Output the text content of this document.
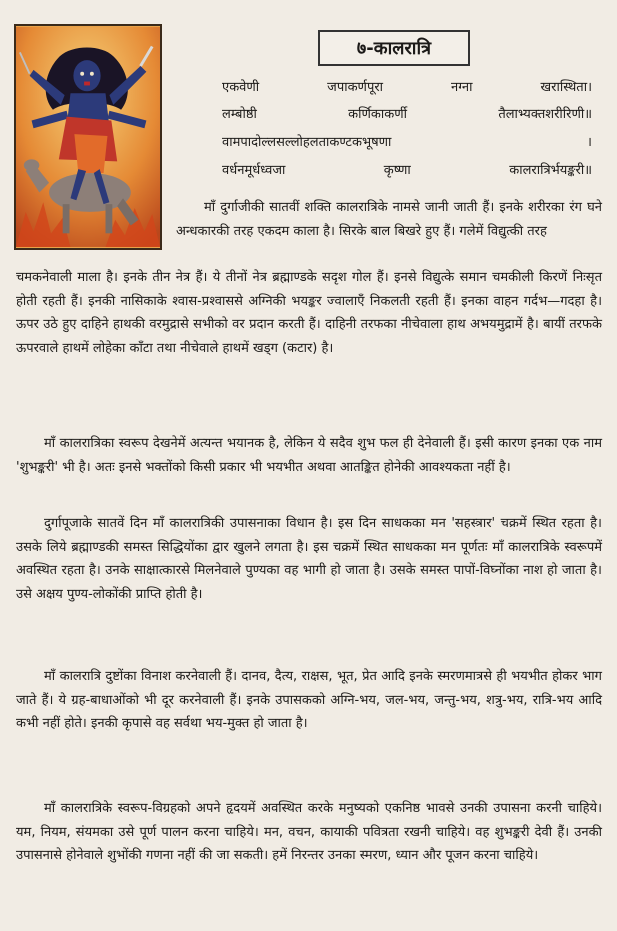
७-कालरात्रि
एकवेणी जपाकर्णपूरा नग्ना खरास्थिता।
लम्बोष्ठी कर्णिकाकर्णी तैलाभ्यक्तशरीरिणी॥
वामपादोल्लसल्लोहलताकण्टकभूषणा ।
वर्धनमूर्धध्वजा कृष्णा कालरात्रिर्भयङ्करी॥

माँ दुर्गाजीकी सातवीं शक्ति कालरात्रिके नामसे जानी जाती हैं। इनके शरीरका रंग घने अन्धकारकी तरह एकदम काला है। सिरके बाल बिखरे हुए हैं। गलेमें विद्युत्की तरह

चमकनेवाली माला है। इनके तीन नेत्र हैं। ये तीनों नेत्र ब्रह्माण्डके सदृश गोल हैं। इनसे विद्युत्के समान चमकीली किरणें निःसृत होती रहती हैं। इनकी नासिकाके श्वास-प्रश्वाससे अग्निकी भयङ्कर ज्वालाएँ निकलती रहती हैं। इनका वाहन गर्दभ—गदहा है। ऊपर उठे हुए दाहिने हाथकी वरमुद्रासे सभीको वर प्रदान करती हैं। दाहिनी तरफका नीचेवाला हाथ अभयमुद्रामें है। बायीं तरफके ऊपरवाले हाथमें लोहेका काँटा तथा नीचेवाले हाथमें खड्ग (कटार) है।

माँ कालरात्रिका स्वरूप देखनेमें अत्यन्त भयानक है, लेकिन ये सदैव शुभ फल ही देनेवाली हैं। इसी कारण इनका एक नाम 'शुभङ्करी' भी है। अतः इनसे भक्तोंको किसी प्रकार भी भयभीत अथवा आतङ्कित होनेकी आवश्यकता नहीं है।

दुर्गापूजाके सातवें दिन माँ कालरात्रिकी उपासनाका विधान है। इस दिन साधकका मन 'सहस्त्रार' चक्रमें स्थित रहता है। उसके लिये ब्रह्माण्डकी समस्त सिद्धियोंका द्वार खुलने लगता है। इस चक्रमें स्थित साधकका मन पूर्णतः माँ कालरात्रिके स्वरूपमें अवस्थित रहता है। उनके साक्षात्कारसे मिलनेवाले पुण्यका वह भागी हो जाता है। उसके समस्त पापों-विघ्नोंका नाश हो जाता है। उसे अक्षय पुण्य-लोकोंकी प्राप्ति होती है।

माँ कालरात्रि दुष्टोंका विनाश करनेवाली हैं। दानव, दैत्य, राक्षस, भूत, प्रेत आदि इनके स्मरणमात्रसे ही भयभीत होकर भाग जाते हैं। ये ग्रह-बाधाओंको भी दूर करनेवाली हैं। इनके उपासकको अग्नि-भय, जल-भय, जन्तु-भय, शत्रु-भय, रात्रि-भय आदि कभी नहीं होते। इनकी कृपासे वह सर्वथा भय-मुक्त हो जाता है।

माँ कालरात्रिके स्वरूप-विग्रहको अपने हृदयमें अवस्थित करके मनुष्यको एकनिष्ठ भावसे उनकी उपासना करनी चाहिये। यम, नियम, संयमका उसे पूर्ण पालन करना चाहिये। मन, वचन, कायाकी पवित्रता रखनी चाहिये। वह शुभङ्करी देवी हैं। उनकी उपासनासे होनेवाले शुभोंकी गणना नहीं की जा सकती। हमें निरन्तर उनका स्मरण, ध्यान और पूजन करना चाहिये।
